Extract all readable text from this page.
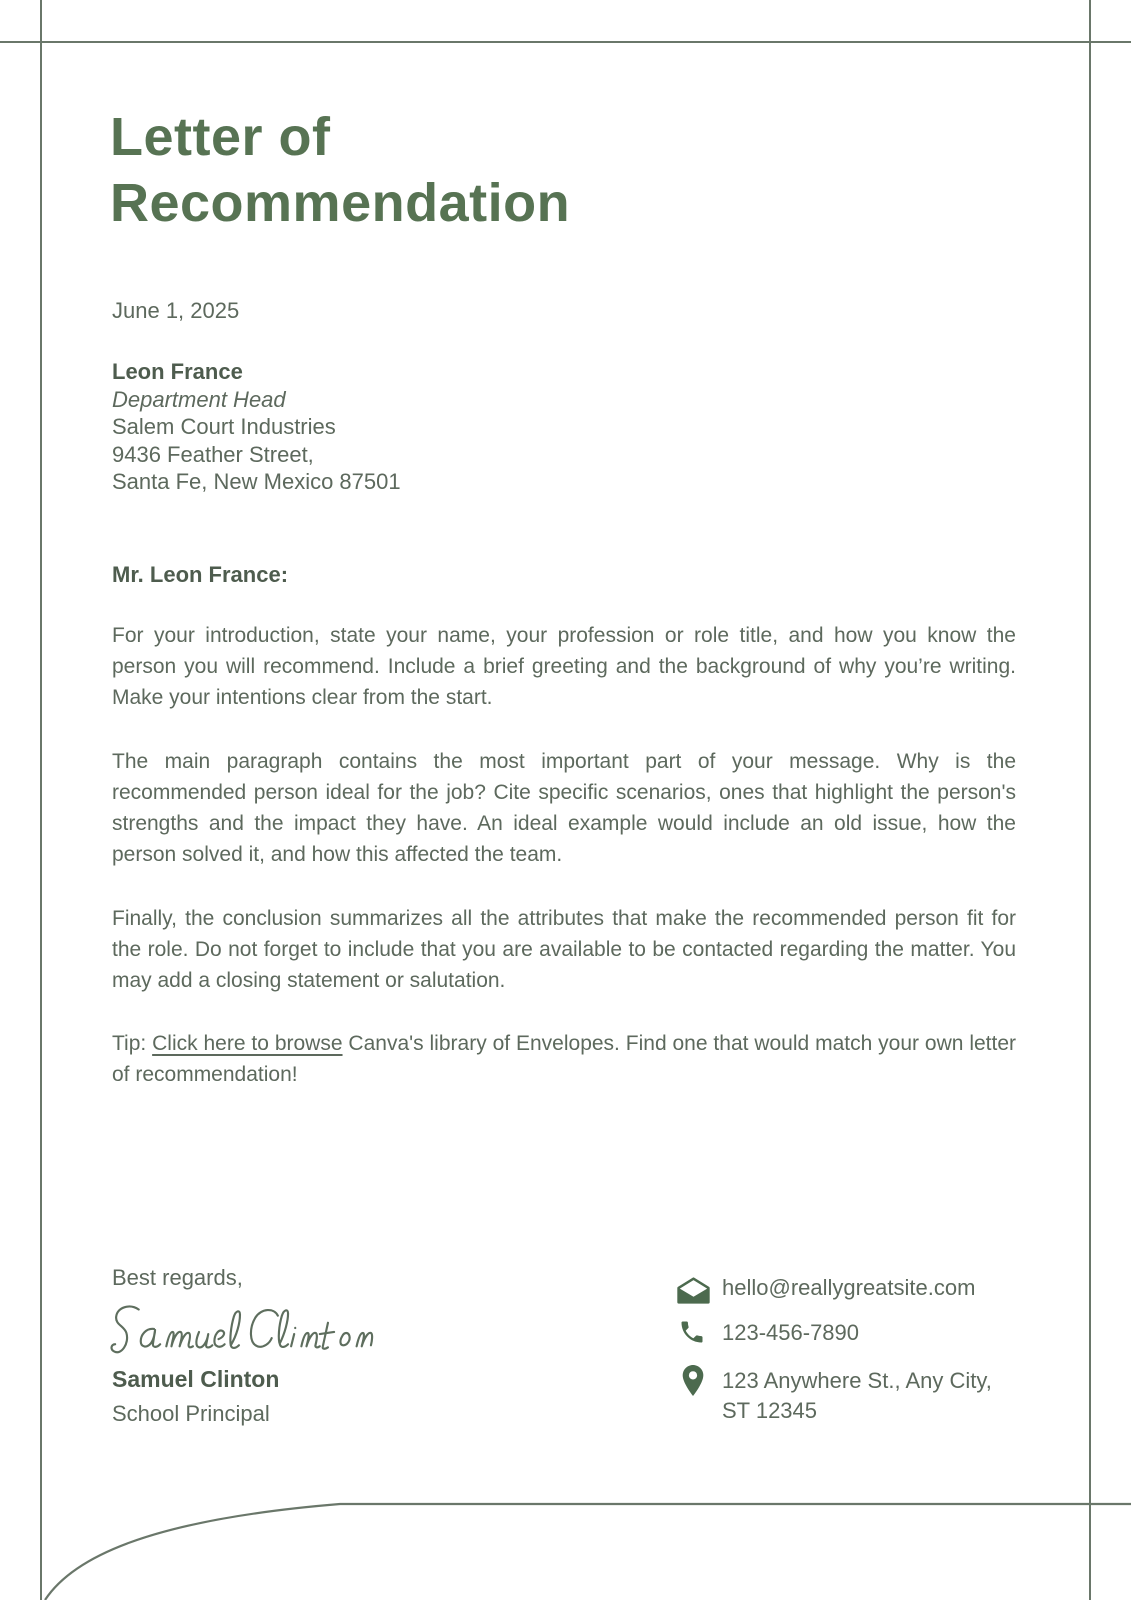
Letter of Recommendation
June 1, 2025
Leon France
Department Head
Salem Court Industries
9436 Feather Street,
Santa Fe, New Mexico 87501
Mr. Leon France:
For your introduction, state your name, your profession or role title, and how you know the person you will recommend. Include a brief greeting and the background of why you’re writing. Make your intentions clear from the start.
The main paragraph contains the most important part of your message. Why is the recommended person ideal for the job? Cite specific scenarios, ones that highlight the person's strengths and the impact they have. An ideal example would include an old issue, how the person solved it, and how this affected the team.
Finally, the conclusion summarizes all the attributes that make the recommended person fit for the role. Do not forget to include that you are available to be contacted regarding the matter. You may add a closing statement or salutation.
Tip: Click here to browse Canva's library of Envelopes. Find one that would match your own letter of recommendation!
Best regards,
Samuel Clinton
School Principal
hello@reallygreatsite.com
123-456-7890
123 Anywhere St., Any City,
ST 12345
